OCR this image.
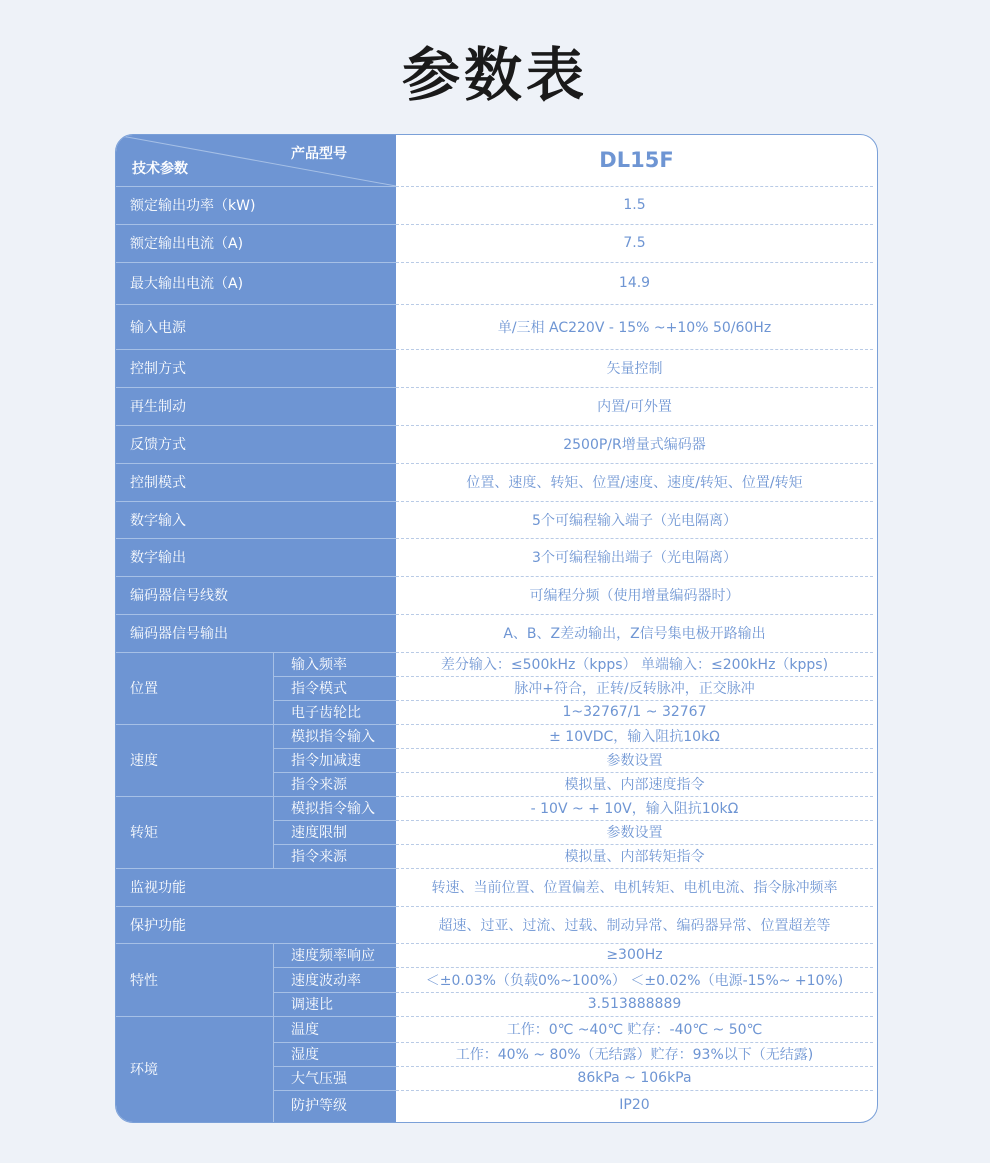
参数表
产品型号
技术参数	DL15F
额定输出功率（kW)	1.5
额定输出电流（A)	7.5
最大输出电流（A)	14.9
输入电源	单/三相 AC220V - 15% ~+10% 50/60Hz
控制方式	矢量控制
再生制动	内置/可外置
反馈方式	2500P/R增量式编码器
控制模式	位置、速度、转矩、位置/速度、速度/转矩、位置/转矩
数字输入	5个可编程输入端子（光电隔离）
数字输出	3个可编程输出端子（光电隔离）
编码器信号线数	可编程分频（使用增量编码器时）
编码器信号输出	A、B、Z差动输出，Z信号集电极开路输出
位置
输入频率	差分输入：≤500kHz（kpps） 单端输入：≤200kHz（kpps)
指令模式	脉冲+符合，正转/反转脉冲，正交脉冲
电子齿轮比	1~32767/1 ~ 32767
速度
模拟指令输入	± 10VDC，输入阻抗10kΩ
指令加减速	参数设置
指令来源	模拟量、内部速度指令
转矩
模拟指令输入	- 10V ~ + 10V，输入阻抗10kΩ
速度限制	参数设置
指令来源	模拟量、内部转矩指令
监视功能	转速、当前位置、位置偏差、电机转矩、电机电流、指令脉冲频率
保护功能	超速、过亚、过流、过载、制动异常、编码器异常、位置超差等
特性
速度频率响应	≥300Hz
速度波动率	＜±0.03%（负载0%~100%） ＜±0.02%（电源-15%~ +10%)
调速比	3.513888889
环境
温度	工作：0℃ ~40℃ 贮存：-40℃ ~ 50℃
湿度	工作：40% ~ 80%（无结露）贮存：93%以下（无结露)
大气压强	86kPa ~ 106kPa
防护等级	IP20
